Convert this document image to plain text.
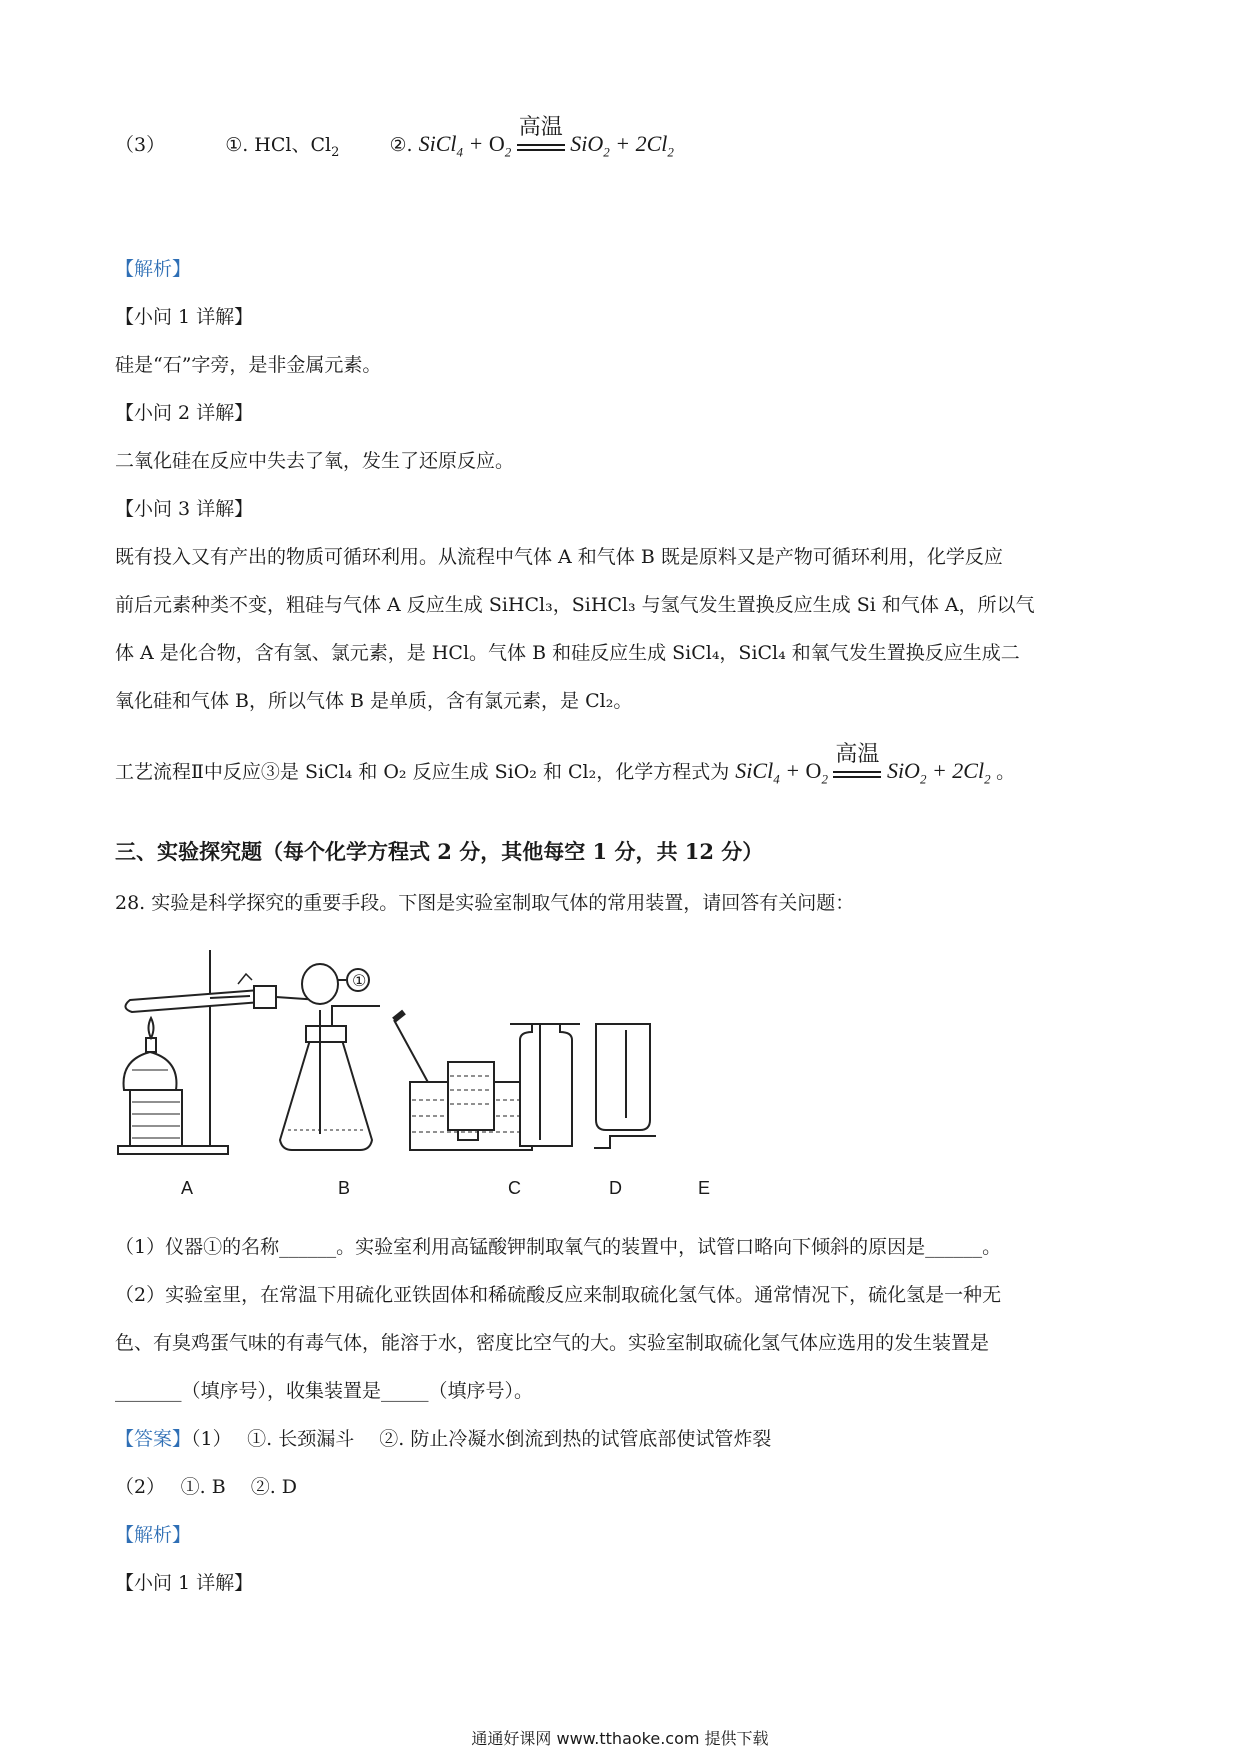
（3）	①. HCl、$Cl_2$	②. SiCl$_4$ + $O_2$
高温
$SiO_2 + 2Cl_2$
【解析】
【小问 1 详解】
硅是“石”字旁，是非金属元素。
【小问 2 详解】
二氧化硅在反应中失去了氧，发生了还原反应。
【小问 3 详解】
既有投入又有产出的物质可循环利用。从流程中气体 A 和气体 B 既是原料又是产物可循环利用，化学反应
前后元素种类不变，粗硅与气体 A 反应生成 SiHCl₃，SiHCl₃ 与氢气发生置换反应生成 Si 和气体 A，所以气
体 A 是化合物，含有氢、氯元素，是 HCl。气体 B 和硅反应生成 SiCl₄，SiCl₄ 和氧气发生置换反应生成二
氧化硅和气体 B，所以气体 B 是单质，含有氯元素，是 Cl₂。
工艺流程Ⅱ中反应③是 SiCl₄ 和 O₂ 反应生成 SiO₂ 和 Cl₂，化学方程式为 SiCl$_4$ + $O_2$
高温
$SiO_2 + 2Cl_2$ 。
三、实验探究题（每个化学方程式 2 分，其他每空 1 分，共 12 分）
28. 实验是科学探究的重要手段。下图是实验室制取气体的常用装置，请回答有关问题：
①
A	B	C	D	E
（1）仪器①的名称______。实验室利用高锰酸钾制取氧气的装置中，试管口略向下倾斜的原因是______。
（2）实验室里，在常温下用硫化亚铁固体和稀硫酸反应来制取硫化氢气体。通常情况下，硫化氢是一种无
色、有臭鸡蛋气味的有毒气体，能溶于水，密度比空气的大。实验室制取硫化氢气体应选用的发生装置是
_______（填序号），收集装置是_____（填序号）。
【答案】（1）　 ①. 长颈漏斗　 ②. 防止冷凝水倒流到热的试管底部使试管炸裂
（2）　 ①. B　 ②. D
【解析】
【小问 1 详解】
通通好课网 www.tthaoke.com 提供下载
